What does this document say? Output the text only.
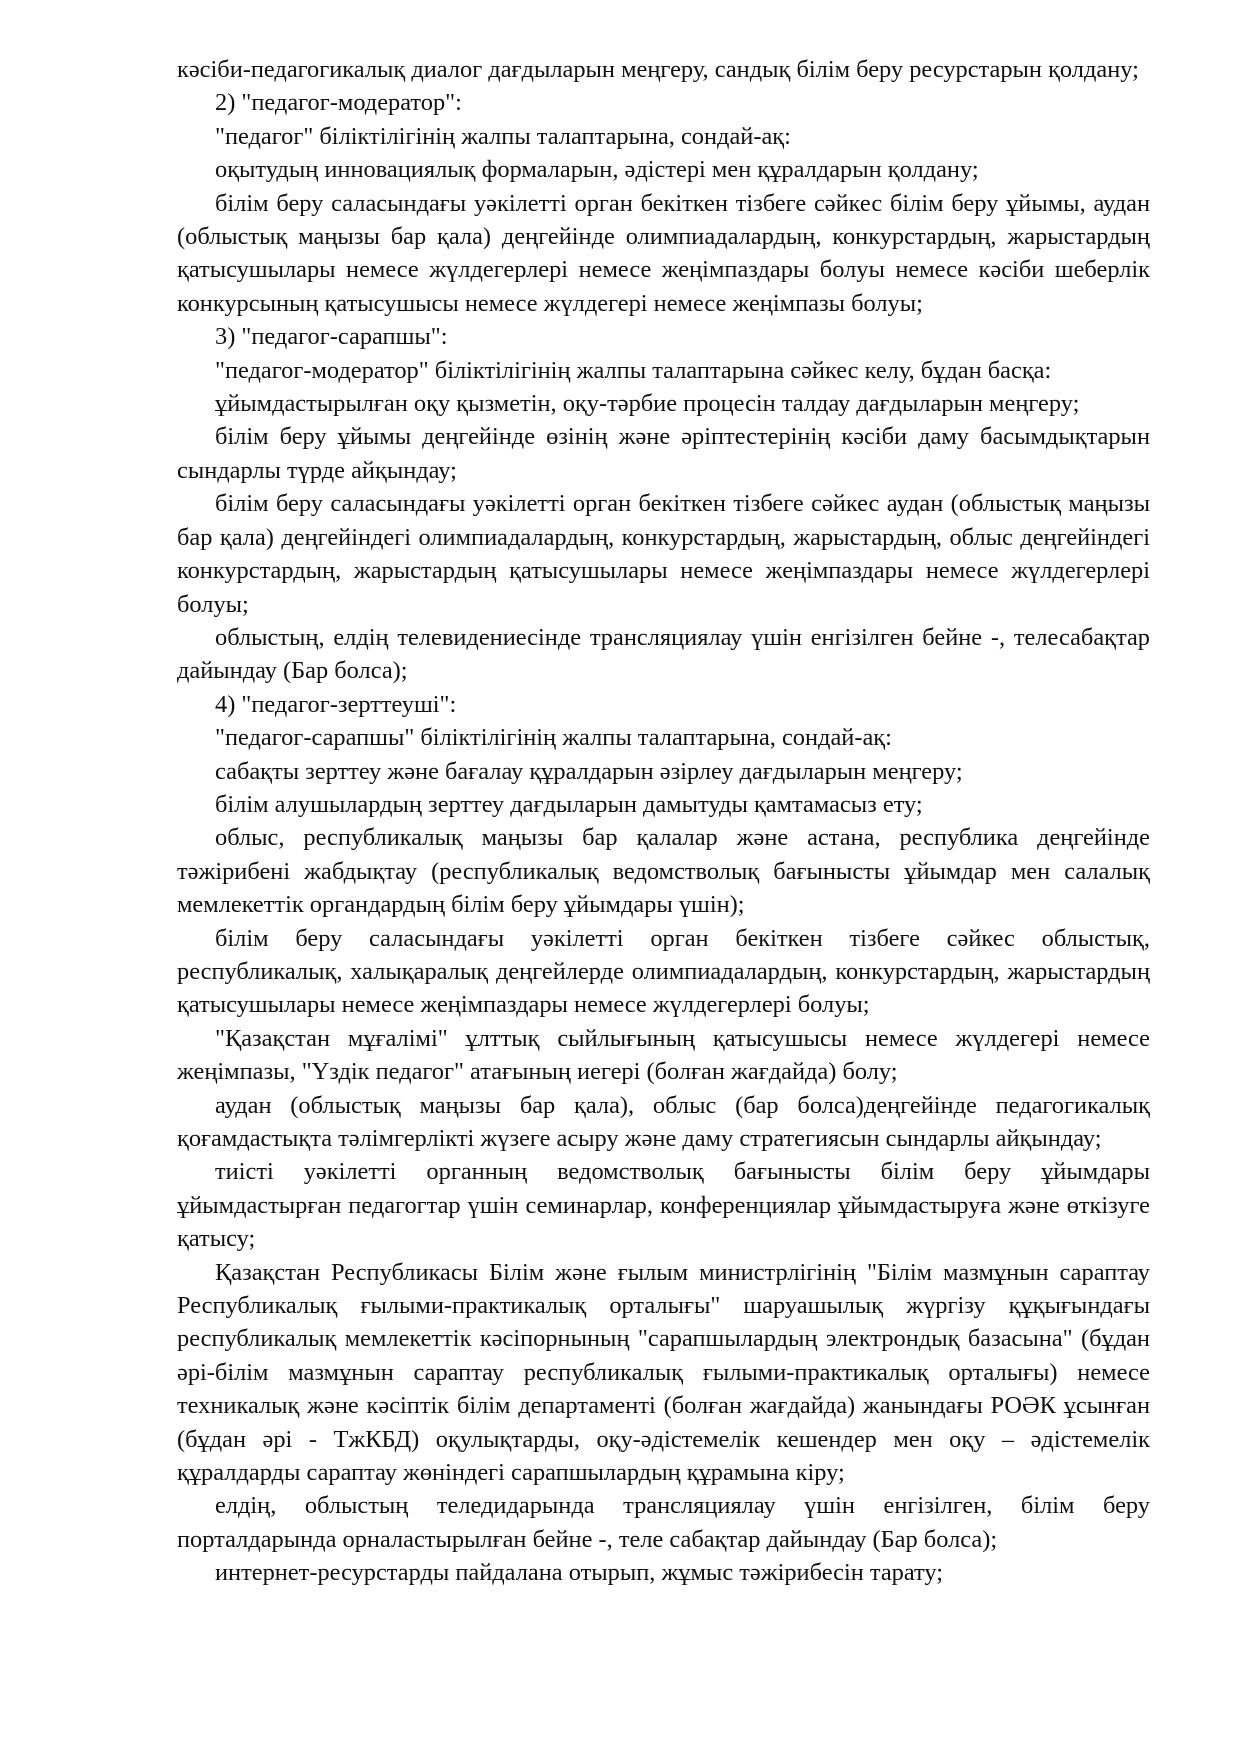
кәсіби-педагогикалық диалог дағдыларын меңгеру, сандық білім беру ресурстарын қолдану;

2) "педагог-модератор":

"педагог" біліктілігінің жалпы талаптарына, сондай-ақ:

оқытудың инновациялық формаларын, әдістері мен құралдарын қолдану;

білім беру саласындағы уәкілетті орган бекіткен тізбеге сәйкес білім беру ұйымы, аудан (облыстық маңызы бар қала) деңгейінде олимпиадалардың, конкурстардың, жарыстардың қатысушылары немесе жүлдегерлері немесе жеңімпаздары болуы немесе кәсіби шеберлік конкурсының қатысушысы немесе жүлдегері немесе жеңімпазы болуы;

3) "педагог-сарапшы":

"педагог-модератор" біліктілігінің жалпы талаптарына сәйкес келу, бұдан басқа:

ұйымдастырылған оқу қызметін, оқу-тәрбие процесін талдау дағдыларын меңгеру;

білім беру ұйымы деңгейінде өзінің және әріптестерінің кәсіби даму басымдықтарын сындарлы түрде айқындау;

білім беру саласындағы уәкілетті орган бекіткен тізбеге сәйкес аудан (облыстық маңызы бар қала) деңгейіндегі олимпиадалардың, конкурстардың, жарыстардың, облыс деңгейіндегі конкурстардың, жарыстардың қатысушылары немесе жеңімпаздары немесе жүлдегерлері болуы;

облыстың, елдің телевидениесінде трансляциялау үшін енгізілген бейне -, телесабақтар дайындау (Бар болса);

4) "педагог-зерттеуші":

"педагог-сарапшы" біліктілігінің жалпы талаптарына, сондай-ақ:

сабақты зерттеу және бағалау құралдарын әзірлеу дағдыларын меңгеру;

білім алушылардың зерттеу дағдыларын дамытуды қамтамасыз ету;

облыс, республикалық маңызы бар қалалар және астана, республика деңгейінде тәжірибені жабдықтау (республикалық ведомстволық бағынысты ұйымдар мен салалық мемлекеттік органдардың білім беру ұйымдары үшін);

білім беру саласындағы уәкілетті орган бекіткен тізбеге сәйкес облыстық, республикалық, халықаралық деңгейлерде олимпиадалардың, конкурстардың, жарыстардың қатысушылары немесе жеңімпаздары немесе жүлдегерлері болуы;

"Қазақстан мұғалімі" ұлттық сыйлығының қатысушысы немесе жүлдегері немесе жеңімпазы, "Үздік педагог" атағының иегері (болған жағдайда) болу;

аудан (облыстық маңызы бар қала), облыс (бар болса)деңгейінде педагогикалық қоғамдастықта тәлімгерлікті жүзеге асыру және даму стратегиясын сындарлы айқындау;

тиісті уәкілетті органның ведомстволық бағынысты білім беру ұйымдары ұйымдастырған педагогтар үшін семинарлар, конференциялар ұйымдастыруға және өткізуге қатысу;

Қазақстан Республикасы Білім және ғылым министрлігінің "Білім мазмұнын сараптау Республикалық ғылыми-практикалық орталығы" шаруашылық жүргізу құқығындағы республикалық мемлекеттік кәсіпорнының "сарапшылардың электрондық базасына" (бұдан әрі-білім мазмұнын сараптау республикалық ғылыми-практикалық орталығы) немесе техникалық және кәсіптік білім департаменті (болған жағдайда) жанындағы РОӘК ұсынған (бұдан әрі - ТжКБД) оқулықтарды, оқу-әдістемелік кешендер мен оқу – әдістемелік құралдарды сараптау жөніндегі сарапшылардың құрамына кіру;

елдің, облыстың теледидарында трансляциялау үшін енгізілген, білім беру порталдарында орналастырылған бейне -, теле сабақтар дайындау (Бар болса);

интернет-ресурстарды пайдалана отырып, жұмыс тәжірибесін тарату;
